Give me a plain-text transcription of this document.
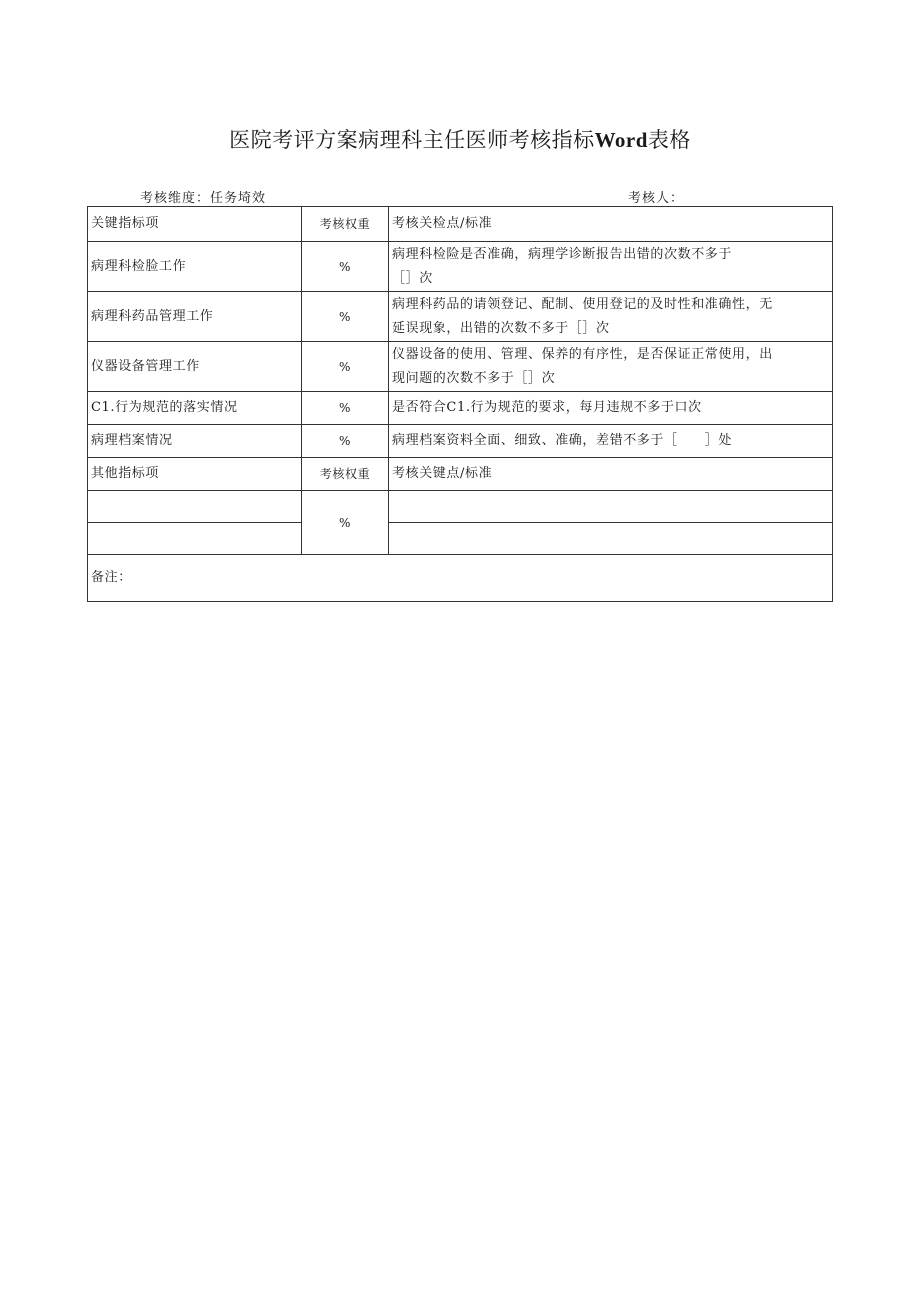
医院考评方案病理科主任医师考核指标Word表格
考核维度：任务埼效	考核人：
关键指标项	考核权重	考核关检点/标准
病理科检脸工作	%	病理科检险是否准确，病理学诊断报告出错的次数不多于
［］次

病理科药品管理工作	%	病理科药品的请领登记、配制、使用登记的及时性和准确性，无
延误现象，出错的次数不多于［］次

仪器设备管理工作	%	仪器设备的使用、管理、保养的有序性，是否保证正常使用，出
现问题的次数不多于［］次

C1.行为规范的落实情况	%	是否符合C1.行为规范的要求，每月违规不多于口次

病理档案情况	%	病理档案资料全面、细致、准确，差错不多于［　　］处

其他指标项	考核权重	考核关键点/标准
	%	

备注：		
